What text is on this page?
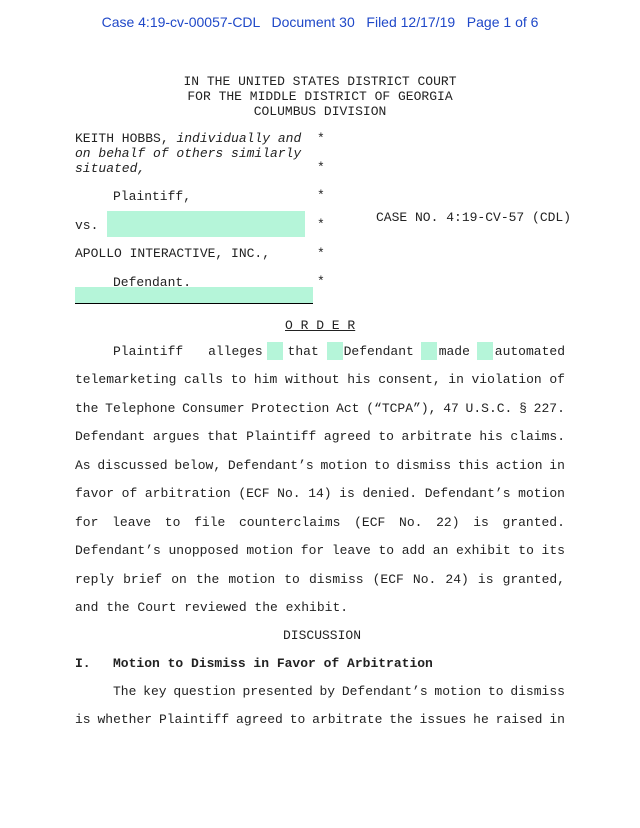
Case 4:19-cv-00057-CDL   Document 30   Filed 12/17/19   Page 1 of 6
IN THE UNITED STATES DISTRICT COURT
FOR THE MIDDLE DISTRICT OF GEORGIA
COLUMBUS DIVISION
KEITH HOBBS, individually and
on behalf of others similarly
situated,
Plaintiff,
vs.
APOLLO INTERACTIVE, INC.,
Defendant.
*
*
*
*
*
*
CASE NO. 4:19-CV-57 (CDL)
O R D E R
Plaintiff alleges that Defendant made automated
telemarketing calls to him without his consent, in violation of
the Telephone Consumer Protection Act (“TCPA”), 47 U.S.C. § 227.
Defendant argues that Plaintiff agreed to arbitrate his claims.
As discussed below, Defendant’s motion to dismiss this action in
favor of arbitration (ECF No. 14) is denied. Defendant’s motion
for leave to file counterclaims (ECF No. 22) is granted.
Defendant’s unopposed motion for leave to add an exhibit to its
reply brief on the motion to dismiss (ECF No. 24) is granted,
and the Court reviewed the exhibit.
DISCUSSION
I. Motion to Dismiss in Favor of Arbitration
The key question presented by Defendant’s motion to dismiss
is whether Plaintiff agreed to arbitrate the issues he raised in
